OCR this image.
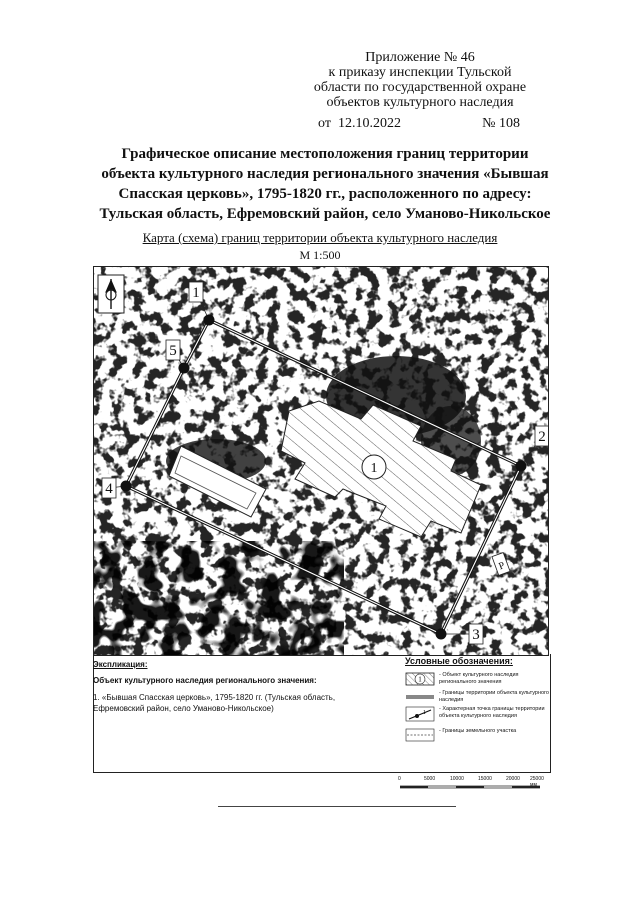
Приложение № 46
к приказу инспекции Тульской
области по государственной охране
объектов культурного наследия
от 12.10.2022	№ 108
Графическое описание местоположения границ территории
объекта культурного наследия регионального значения «Бывшая
Спасская церковь», 1795-1820 гг., расположенного по адресу:
Тульская область, Ефремовский район, село Уманово-Никольское
Карта (схема) границ территории объекта культурного наследия
М 1:500
1
1
2
3
4
5
Р
Экспликация:
Объект культурного наследия регионального значения:
1. «Бывшая Спасская церковь», 1795-1820 гг. (Тульская область, Ефремовский район, село Уманово-Никольское)
Условные обозначения:
1
- Объект культурного наследия регионального значения
- Границы территории объекта культурного наследия
1
- Характерная точка границы территории объекта культурного наследия
- Границы земельного участка
0	5000	10000	15000	20000 25000 мм
